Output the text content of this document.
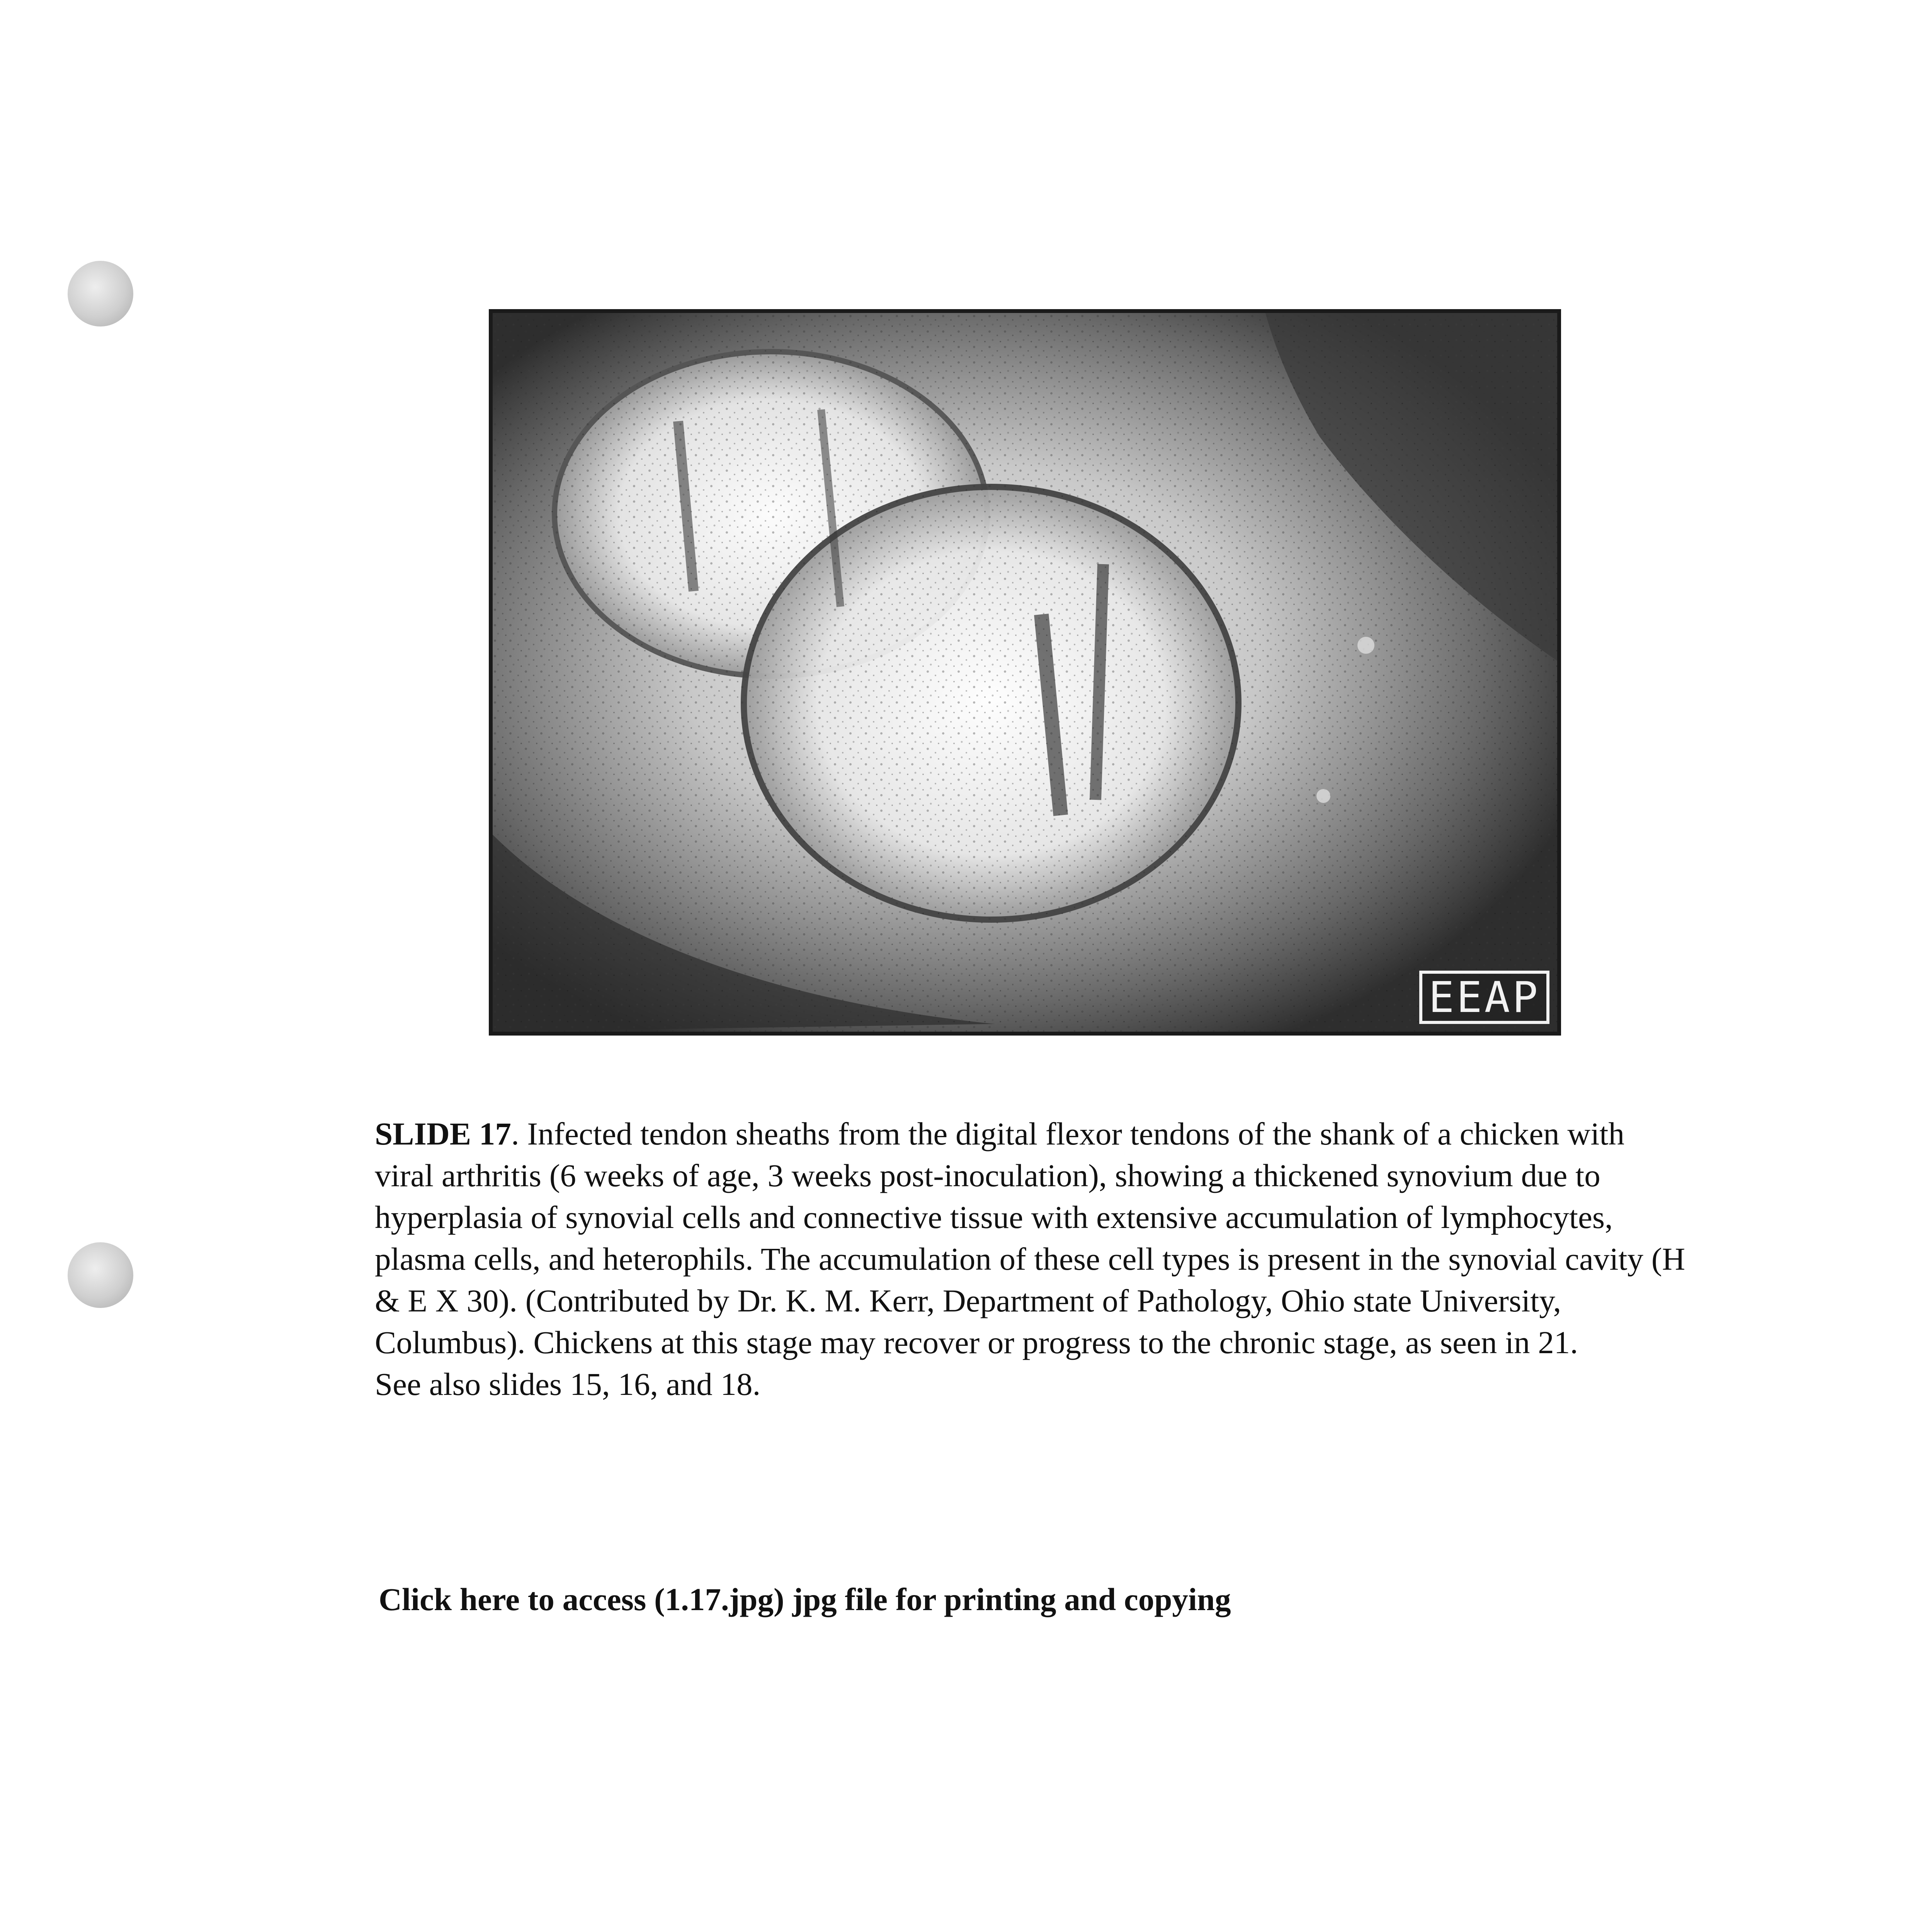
EEAP

SLIDE 17. Infected tendon sheaths from the digital flexor tendons of the shank of a chicken with viral arthritis (6 weeks of age, 3 weeks post-inoculation), showing a thickened synovium due to hyperplasia of synovial cells and connective tissue with extensive accumulation of lymphocytes, plasma cells, and heterophils. The accumulation of these cell types is present in the synovial cavity (H & E X 30). (Contributed by Dr. K. M. Kerr, Department of Pathology, Ohio state University, Columbus). Chickens at this stage may recover or progress to the chronic stage, as seen in 21.

See also slides 15, 16, and 18.

Click here to access (1.17.jpg) jpg file for printing and copying
